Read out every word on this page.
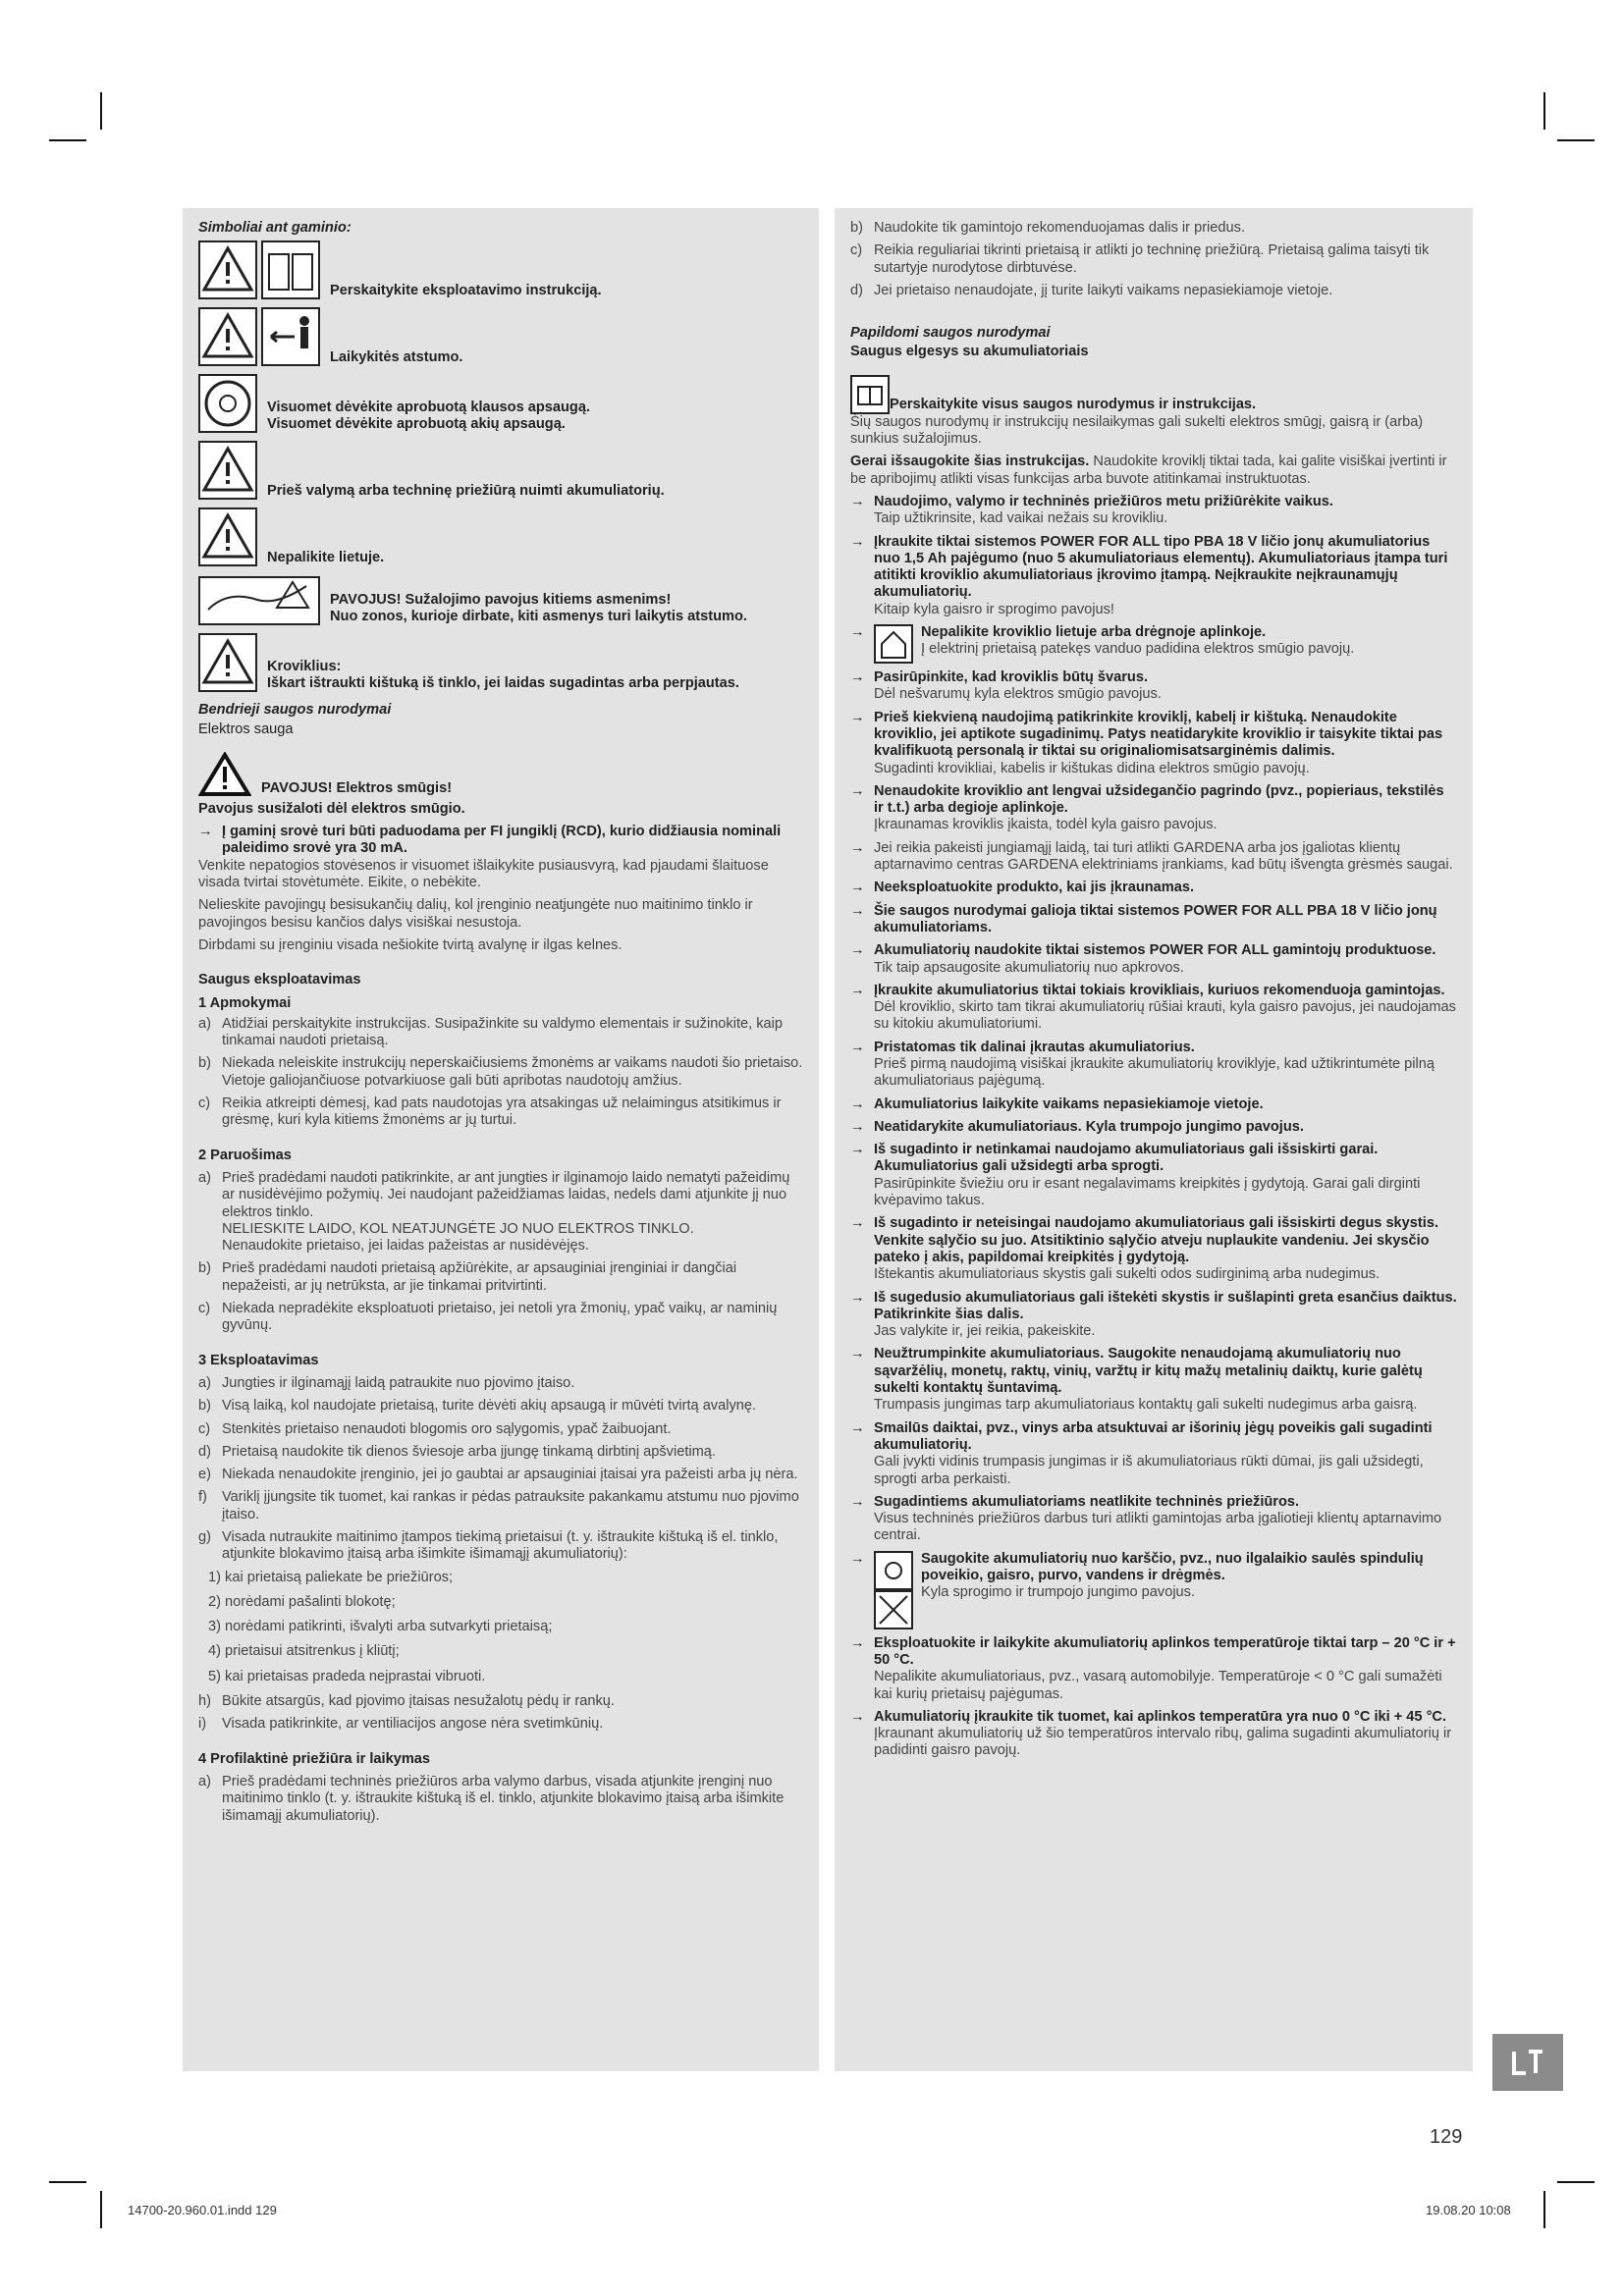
Simboliai ant gaminio:
Perskaitykite eksploatavimo instrukciją.
Laikykitės atstumo.
Visuomet dėvėkite aprobuotą klausos apsaugą.
Visuomet dėvėkite aprobuotą akių apsaugą.
Prieš valymą arba techninę priežiūrą nuimti akumuliatorių.
Nepalikite lietuje.
PAVOJUS! Sužalojimo pavojus kitiems asmenims!
Nuo zonos, kurioje dirbate, kiti asmenys turi laikytis atstumo.
Kroviklius:
Iškart ištraukti kištuką iš tinklo, jei laidas sugadintas arba perpjautas.
Bendrieji saugos nurodymai
Elektros sauga
PAVOJUS! Elektros smūgis!

Pavojus susižaloti dėl elektros smūgio.

→ Į gaminį srovė turi būti paduodama per FI jungiklį (RCD), kurio didžiausia nominali paleidimo srovė yra 30 mA.

Venkite nepatogios stovėsenos ir visuomet išlaikykite pusiausvyrą, kad pjaudami šlaituose visada tvirtai stovėtumėte. Eikite, o nebėkite.

Nelieskite pavojingų besisukančių dalių, kol įrenginio neatjungėte nuo maitinimo tinklo ir pavojingos besisu kančios dalys visiškai nesustoja.

Dirbdami su įrenginiu visada nešiokite tvirtą avalynę ir ilgas kelnes.

Saugus eksploatavimas
1 Apmokymai
a) Atidžiai perskaitykite instrukcijas. Susipažinkite su valdymo elementais ir sužinokite, kaip tinkamai naudoti prietaisą.
b) Niekada neleiskite instrukcijų neperskaičiusiems žmonėms ar vaikams naudoti šio prietaiso. Vietoje galiojančiuose potvarkiuose gali būti apribotas naudotojų amžius.
c) Reikia atkreipti dėmesį, kad pats naudotojas yra atsakingas už nelaimingus atsitikimus ir grėsmę, kuri kyla kitiems žmonėms ar jų turtui.
2 Paruošimas
a) Prieš pradėdami naudoti patikrinkite, ar ant jungties ir ilginamojo laido nematyti pažeidimų ar nusidėvėjimo požymių. Jei naudojant pažeidžiamas laidas, nedels dami atjunkite jį nuo elektros tinklo.
NELIESKITE LAIDO, KOL NEATJUNGĖTE JO NUO ELEKTROS TINKLO.
Nenaudokite prietaiso, jei laidas pažeistas ar nusidėvėjęs.
b) Prieš pradėdami naudoti prietaisą apžiūrėkite, ar apsauginiai įrenginiai ir dangčiai nepažeisti, ar jų netrūksta, ar jie tinkamai pritvirtinti.
c) Niekada nepradėkite eksploatuoti prietaiso, jei netoli yra žmonių, ypač vaikų, ar naminių gyvūnų.
3 Eksploatavimas
a) Jungties ir ilginamąjį laidą patraukite nuo pjovimo įtaiso.
b) Visą laiką, kol naudojate prietaisą, turite dėvėti akių apsaugą ir mūvėti tvirtą avalynę.
c) Stenkitės prietaiso nenaudoti blogomis oro sąlygomis, ypač žaibuojant.
d) Prietaisą naudokite tik dienos šviesoje arba įjungę tinkamą dirbtinį apšvietimą.
e) Niekada nenaudokite įrenginio, jei jo gaubtai ar apsauginiai įtaisai yra pažeisti arba jų nėra.
f)	Variklį įjungsite tik tuomet, kai rankas ir pėdas patrauksite pakankamu atstumu nuo pjovimo įtaiso.
g) Visada nutraukite maitinimo įtampos tiekimą prietaisui (t. y. ištraukite kištuką iš el. tinklo, atjunkite blokavimo įtaisą arba išimkite išimamąjį akumuliatorių):
1) kai prietaisą paliekate be priežiūros;
2) norėdami pašalinti blokotę;
3) norėdami patikrinti, išvalyti arba sutvarkyti prietaisą;
4) prietaisui atsitrenkus į kliūtį;
5) kai prietaisas pradeda neįprastai vibruoti.
h) Būkite atsargūs, kad pjovimo įtaisas nesužalotų pėdų ir rankų.
i)	Visada patikrinkite, ar ventiliacijos angose nėra svetimkūnių.
4 Profilaktinė priežiūra ir laikymas
a) Prieš pradėdami techninės priežiūros arba valymo darbus, visada atjunkite įrenginį nuo maitinimo tinklo (t. y. ištraukite kištuką iš el. tinklo, atjunkite blokavimo įtaisą arba išimkite išimamąjį akumuliatorių).
b) Naudokite tik gamintojo rekomenduojamas dalis ir priedus.
c) Reikia reguliariai tikrinti prietaisą ir atlikti jo techninę priežiūrą. Prietaisą galima taisyti tik sutartyje nurodytose dirbtuvėse.
d) Jei prietaiso nenaudojate, jį turite laikyti vaikams nepasiekiamoje vietoje.
Papildomi saugos nurodymai
Saugus elgesys su akumuliatoriais
Perskaitykite visus saugos nurodymus ir instrukcijas.

Šių saugos nurodymų ir instrukcijų nesilaikymas gali sukelti elektros smūgį, gaisrą ir (arba) sunkius sužalojimus.

Gerai išsaugokite šias instrukcijas. Naudokite kroviklį tiktai tada, kai galite visiškai įvertinti ir be apribojimų atlikti visas funkcijas arba buvote atitinkamai instruktuotas.

→ Naudojimo, valymo ir techninės priežiūros metu prižiūrėkite vaikus.
Taip užtikrinsite, kad vaikai nežais su krovikliu.
→ Įkraukite tiktai sistemos POWER FOR ALL tipo PBA 18 V ličio jonų akumuliatorius nuo 1,5 Ah pajėgumo (nuo 5 akumuliatoriaus elementų). Akumuliatoriaus įtampa turi atitikti kroviklio akumuliatoriaus įkrovimo įtampą. Neįkraukite neįkraunamųjų akumuliatorių.
Kitaip kyla gaisro ir sprogimo pavojus!
→	Nepalikite kroviklio lietuje arba drėgnoje aplinkoje.
Į elektrinį prietaisą patekęs vanduo padidina elektros smūgio pavojų.
→ Pasirūpinkite, kad kroviklis būtų švarus.
Dėl nešvarumų kyla elektros smūgio pavojus.
→ Prieš kiekvieną naudojimą patikrinkite kroviklį, kabelį ir kištuką. Nenaudokite kroviklio, jei aptikote sugadinimų. Patys neatidarykite kroviklio ir taisykite tiktai pas kvalifikuotą personalą ir tiktai su originaliomisatsarginėmis dalimis.
Sugadinti krovikliai, kabelis ir kištukas didina elektros smūgio pavojų.
→ Nenaudokite kroviklio ant lengvai užsidegančio pagrindo (pvz., popieriaus, tekstilės ir t.t.) arba degioje aplinkoje.
Įkraunamas kroviklis įkaista, todėl kyla gaisro pavojus.
→ Jei reikia pakeisti jungiamąjį laidą, tai turi atlikti GARDENA arba jos įgaliotas klientų aptarnavimo centras GARDENA elektriniams įrankiams, kad būtų išvengta grėsmės saugai.
→ Neeksploatuokite produkto, kai jis įkraunamas.
→ Šie saugos nurodymai galioja tiktai sistemos POWER FOR ALL PBA 18 V ličio jonų akumuliatoriams.
→ Akumuliatorių naudokite tiktai sistemos POWER FOR ALL gamintojų produktuose.
Tik taip apsaugosite akumuliatorių nuo apkrovos.
→ Įkraukite akumuliatorius tiktai tokiais krovikliais, kuriuos rekomenduoja gamintojas.
Dėl kroviklio, skirto tam tikrai akumuliatorių rūšiai krauti, kyla gaisro pavojus, jei naudojamas su kitokiu akumuliatoriumi.
→ Pristatomas tik dalinai įkrautas akumuliatorius.
Prieš pirmą naudojimą visiškai įkraukite akumuliatorių kroviklyje, kad užtikrintumėte pilną akumuliatoriaus pajėgumą.
→ Akumuliatorius laikykite vaikams nepasiekiamoje vietoje.
→ Neatidarykite akumuliatoriaus. Kyla trumpojo jungimo pavojus.
→ Iš sugadinto ir netinkamai naudojamo akumuliatoriaus gali išsiskirti garai. Akumuliatorius gali užsidegti arba sprogti.
Pasirūpinkite šviežiu oru ir esant negalavimams kreipkitės į gydytoją. Garai gali dirginti kvėpavimo takus.
→ Iš sugadinto ir neteisingai naudojamo akumuliatoriaus gali išsiskirti degus skystis. Venkite sąlyčio su juo. Atsitiktinio sąlyčio atveju nuplaukite vandeniu. Jei skysčio pateko į akis, papildomai kreipkitės į gydytoją.
Ištekantis akumuliatoriaus skystis gali sukelti odos sudirginimą arba nudegimus.
→ Iš sugedusio akumuliatoriaus gali ištekėti skystis ir sušlapinti greta esančius daiktus. Patikrinkite šias dalis.
Jas valykite ir, jei reikia, pakeiskite.
→ Neužtrumpinkite akumuliatoriaus. Saugokite nenaudojamą akumuliatorių nuo sąvaržėlių, monetų, raktų, vinių, varžtų ir kitų mažų metalinių daiktų, kurie galėtų sukelti kontaktų šuntavimą.
Trumpasis jungimas tarp akumuliatoriaus kontaktų gali sukelti nudegimus arba gaisrą.
→ Smailūs daiktai, pvz., vinys arba atsuktuvai ar išorinių jėgų poveikis gali sugadinti akumuliatorių.
Gali įvykti vidinis trumpasis jungimas ir iš akumuliatoriaus rūkti dūmai, jis gali užsidegti, sprogti arba perkaisti.
→ Sugadintiems akumuliatoriams neatlikite techninės priežiūros.
Visus techninės priežiūros darbus turi atlikti gamintojas arba įgaliotieji klientų aptarnavimo centrai.
→	Saugokite akumuliatorių nuo karščio, pvz., nuo ilgalaikio saulės spindulių poveikio, gaisro, purvo, vandens ir drėgmės.
Kyla sprogimo ir trumpojo jungimo pavojus.
→ Eksploatuokite ir laikykite akumuliatorių aplinkos temperatūroje tiktai tarp – 20 °C ir + 50 °C.
Nepalikite akumuliatoriaus, pvz., vasarą automobilyje. Temperatūroje < 0 °C gali sumažėti kai kurių prietaisų pajėgumas.
→ Akumuliatorių įkraukite tik tuomet, kai aplinkos temperatūra yra nuo 0 °C iki + 45 °C.
Įkraunant akumuliatorių už šio temperatūros intervalo ribų, galima sugadinti akumuliatorių ir padidinti gaisro pavojų.
129
14700-20.960.01.indd 129	19.08.20 10:08
